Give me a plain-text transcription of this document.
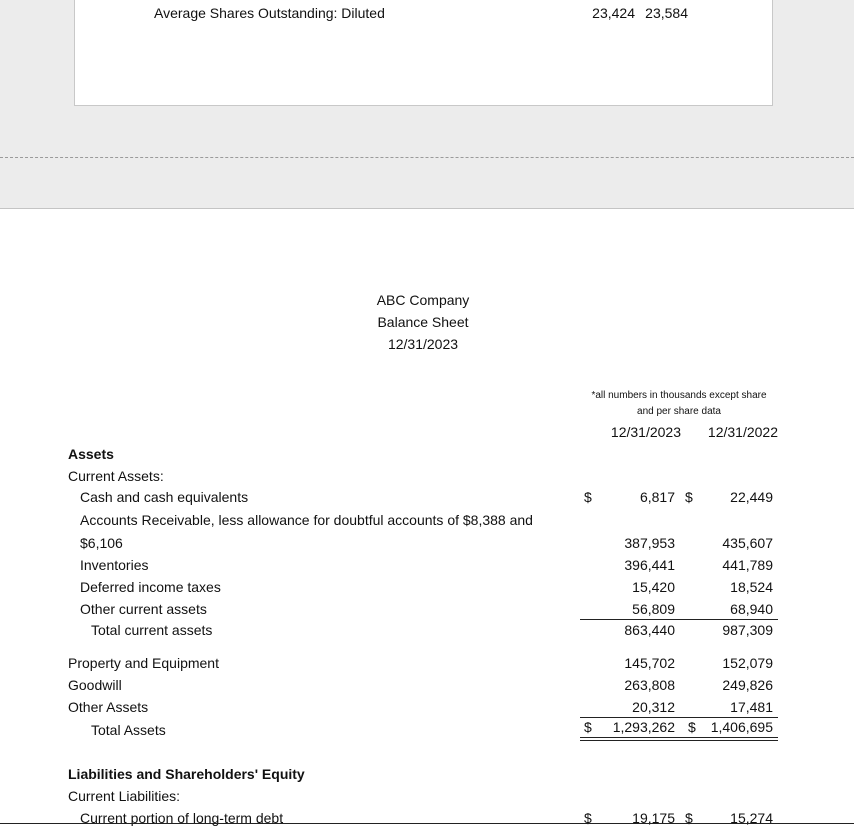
Average Shares Outstanding: Diluted	23,424 23,584
ABC Company
Balance Sheet
12/31/2023
*all numbers in thousands except share
and per share data
12/31/2023	12/31/2022
Assets
Current Assets:
Cash and cash equivalents	$	6,817 $	22,449
Accounts Receivable, less allowance for doubtful accounts of $8,388 and
$6,106	387,953	435,607
Inventories	396,441	441,789
Deferred income taxes	15,420	18,524
Other current assets	56,809	68,940
Total current assets	863,440	987,309
Property and Equipment	145,702	152,079
Goodwill	263,808	249,826
Other Assets	20,312	17,481
Total Assets	$	1,293,262 $	1,406,695
Liabilities and Shareholders' Equity
Current Liabilities:
Current portion of long-term debt	$	19,175 $	15,274
